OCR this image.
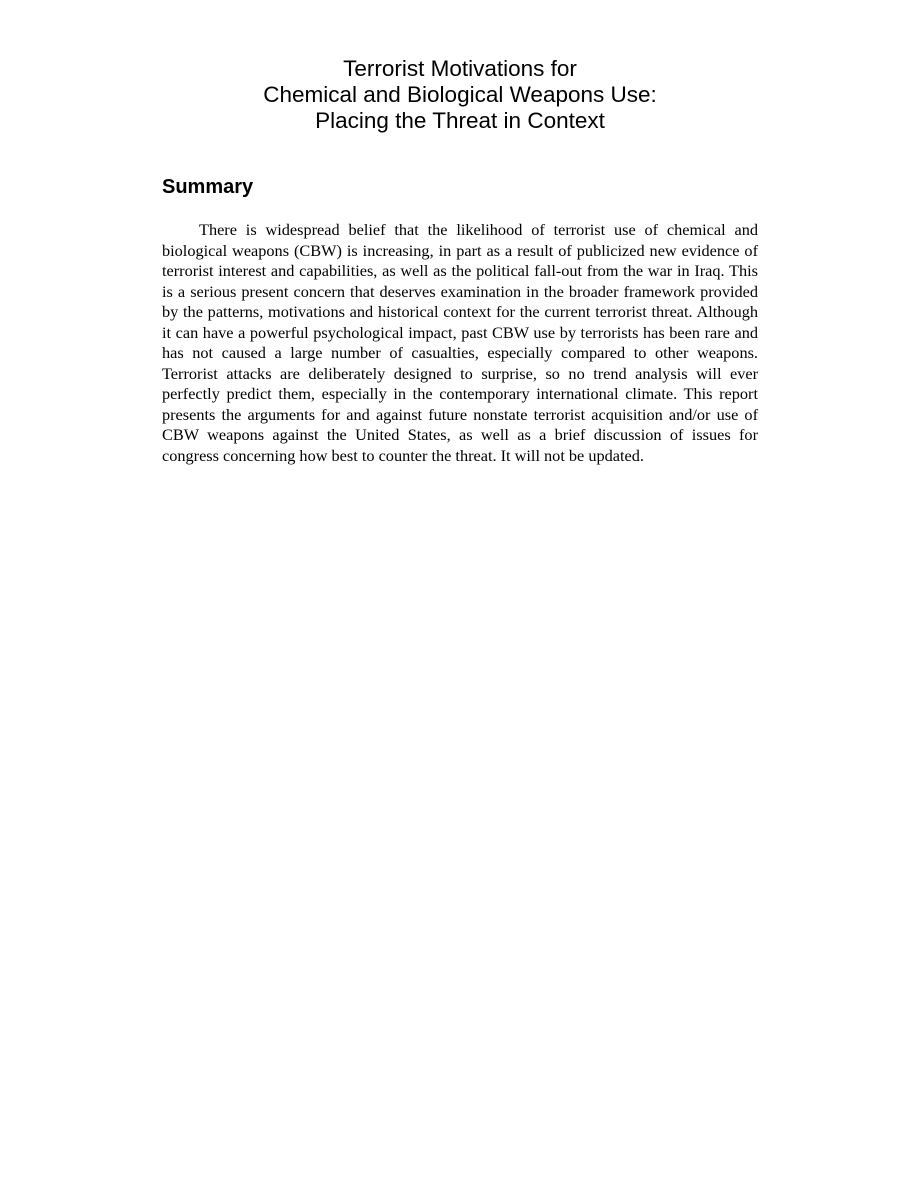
Terrorist Motivations for
Chemical and Biological Weapons Use:
Placing the Threat in Context
Summary

There is widespread belief that the likelihood of terrorist use of chemical and biological weapons (CBW) is increasing, in part as a result of publicized new evidence of terrorist interest and capabilities, as well as the political fall-out from the war in Iraq. This is a serious present concern that deserves examination in the broader framework provided by the patterns, motivations and historical context for the current terrorist threat. Although it can have a powerful psychological impact, past CBW use by terrorists has been rare and has not caused a large number of casualties, especially compared to other weapons. Terrorist attacks are deliberately designed to surprise, so no trend analysis will ever perfectly predict them, especially in the contemporary international climate. This report presents the arguments for and against future nonstate terrorist acquisition and/or use of CBW weapons against the United States, as well as a brief discussion of issues for congress concerning how best to counter the threat. It will not be updated.
